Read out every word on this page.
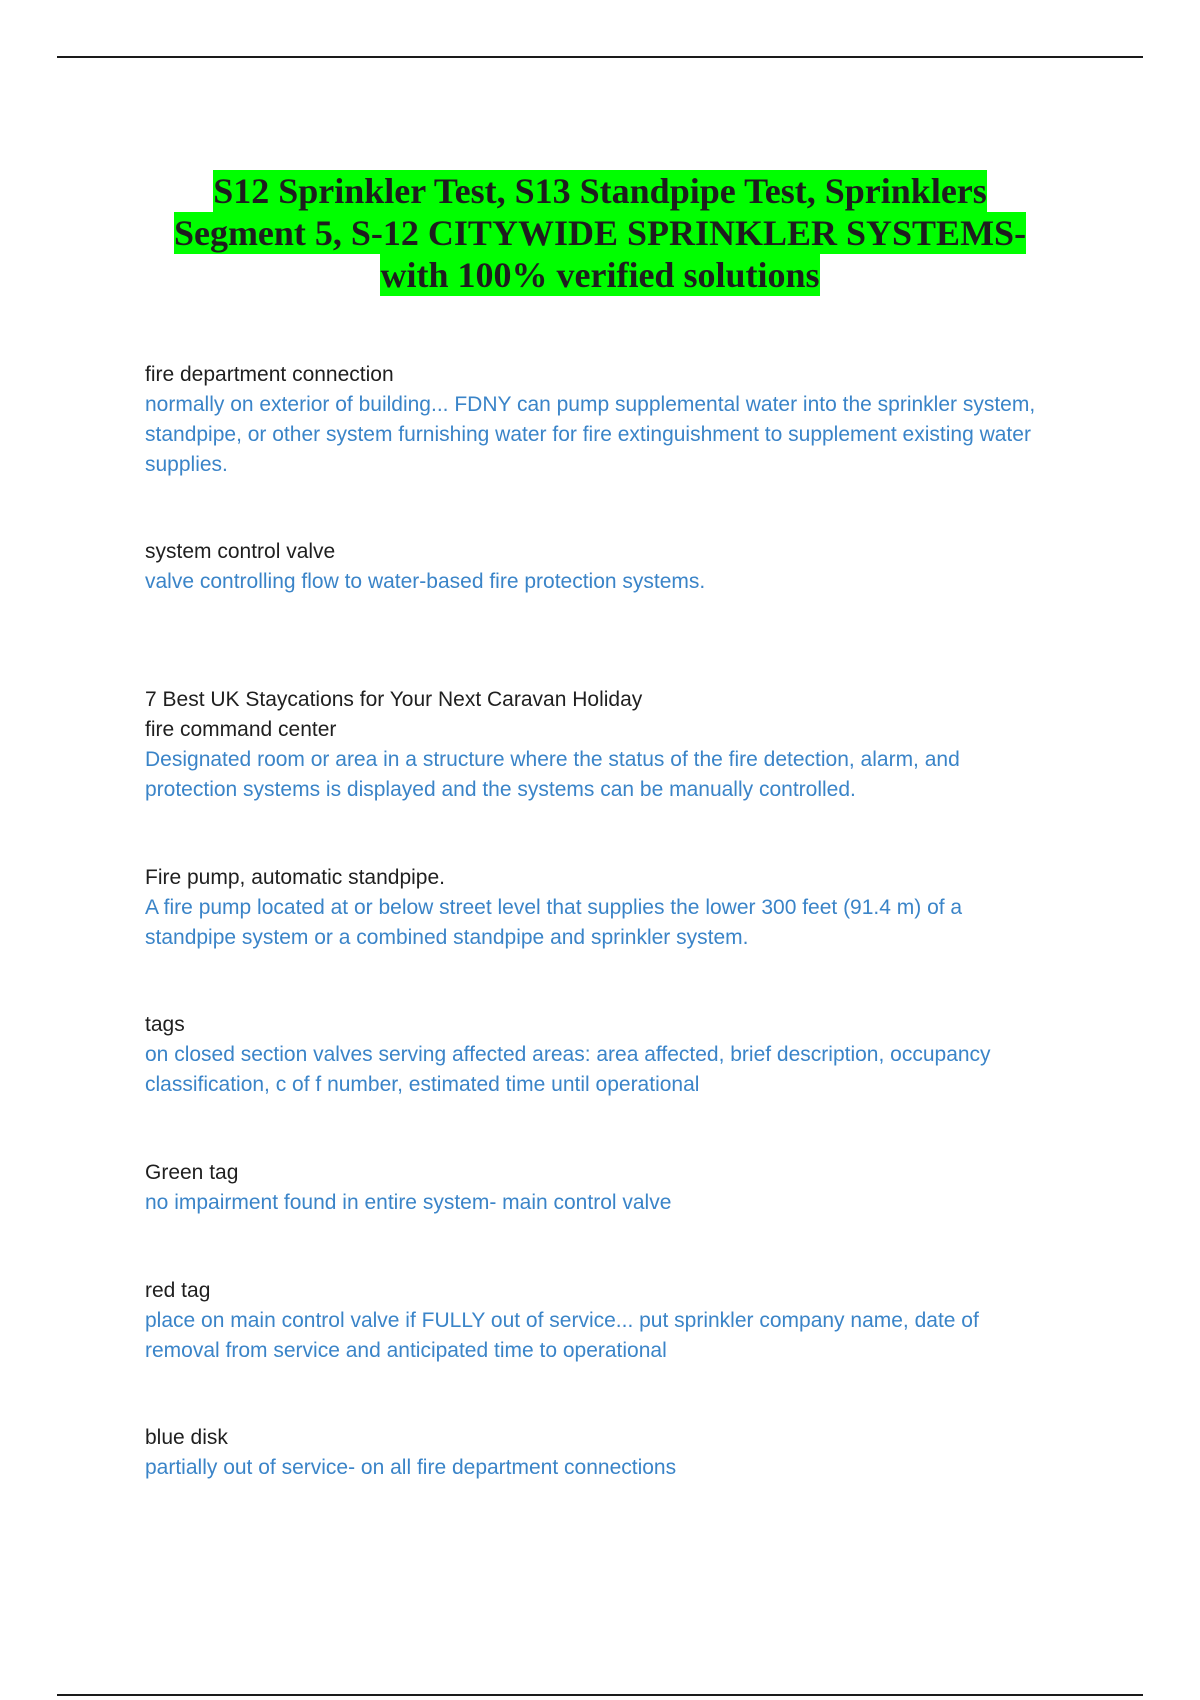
S12 Sprinkler Test, S13 Standpipe Test, Sprinklers
Segment 5, S-12 CITYWIDE SPRINKLER SYSTEMS-
with 100% verified solutions
fire department connection
normally on exterior of building... FDNY can pump supplemental water into the sprinkler system, standpipe, or other system furnishing water for fire extinguishment to supplement existing water supplies.
system control valve
valve controlling flow to water-based fire protection systems.
7 Best UK Staycations for Your Next Caravan Holiday
fire command center
Designated room or area in a structure where the status of the fire detection, alarm, and protection systems is displayed and the systems can be manually controlled.
Fire pump, automatic standpipe.
A fire pump located at or below street level that supplies the lower 300 feet (91.4 m) of a standpipe system or a combined standpipe and sprinkler system.
tags
on closed section valves serving affected areas: area affected, brief description, occupancy classification, c of f number, estimated time until operational
Green tag
no impairment found in entire system- main control valve
red tag
place on main control valve if FULLY out of service... put sprinkler company name, date of removal from service and anticipated time to operational
blue disk
partially out of service- on all fire department connections
